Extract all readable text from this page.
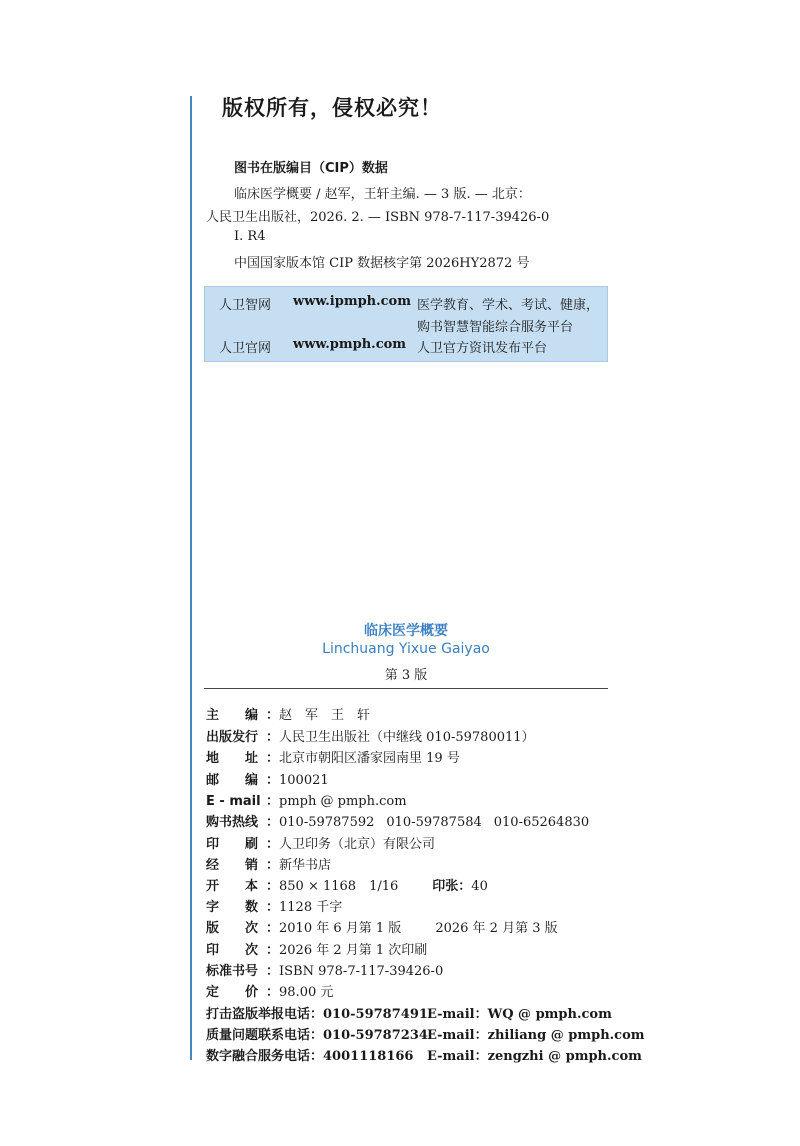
版权所有，侵权必究！
图书在版编目（CIP）数据
临床医学概要 / 赵军，王轩主编. — 3 版. — 北京：
人民卫生出版社，2026. 2. — ISBN 978-7-117-39426-0
Ⅰ. R4
中国国家版本馆 CIP 数据核字第 2026HY2872 号
人卫智网 www.ipmph.com 医学教育、学术、考试、健康，
购书智慧智能综合服务平台
人卫官网 www.pmph.com 人卫官方资讯发布平台
临床医学概要
Linchuang Yixue Gaiyao
第 3 版
主　　编 ：赵　军　王　轩
出版发行 ：人民卫生出版社（中继线 010-59780011）
地　　址 ：北京市朝阳区潘家园南里 19 号
邮　　编 ：100021
E - mail ：pmph @ pmph.com
购书热线 ：010-59787592 010-59787584 010-65264830
印　　刷 ：人卫印务（北京）有限公司
经　　销 ：新华书店
开　　本 ：850 × 1168　1/16	印张：40
字　　数 ：1128 千字
版　　次 ：2010 年 6 月第 1 版	2026 年 2 月第 3 版
印　　次 ：2026 年 2 月第 1 次印刷
标准书号 ：ISBN 978-7-117-39426-0
定　　价 ：98.00 元
打击盗版举报电话：010-59787491 E-mail：WQ @ pmph.com
质量问题联系电话：010-59787234 E-mail：zhiliang @ pmph.com
数字融合服务电话：4001118166 E-mail：zengzhi @ pmph.com
